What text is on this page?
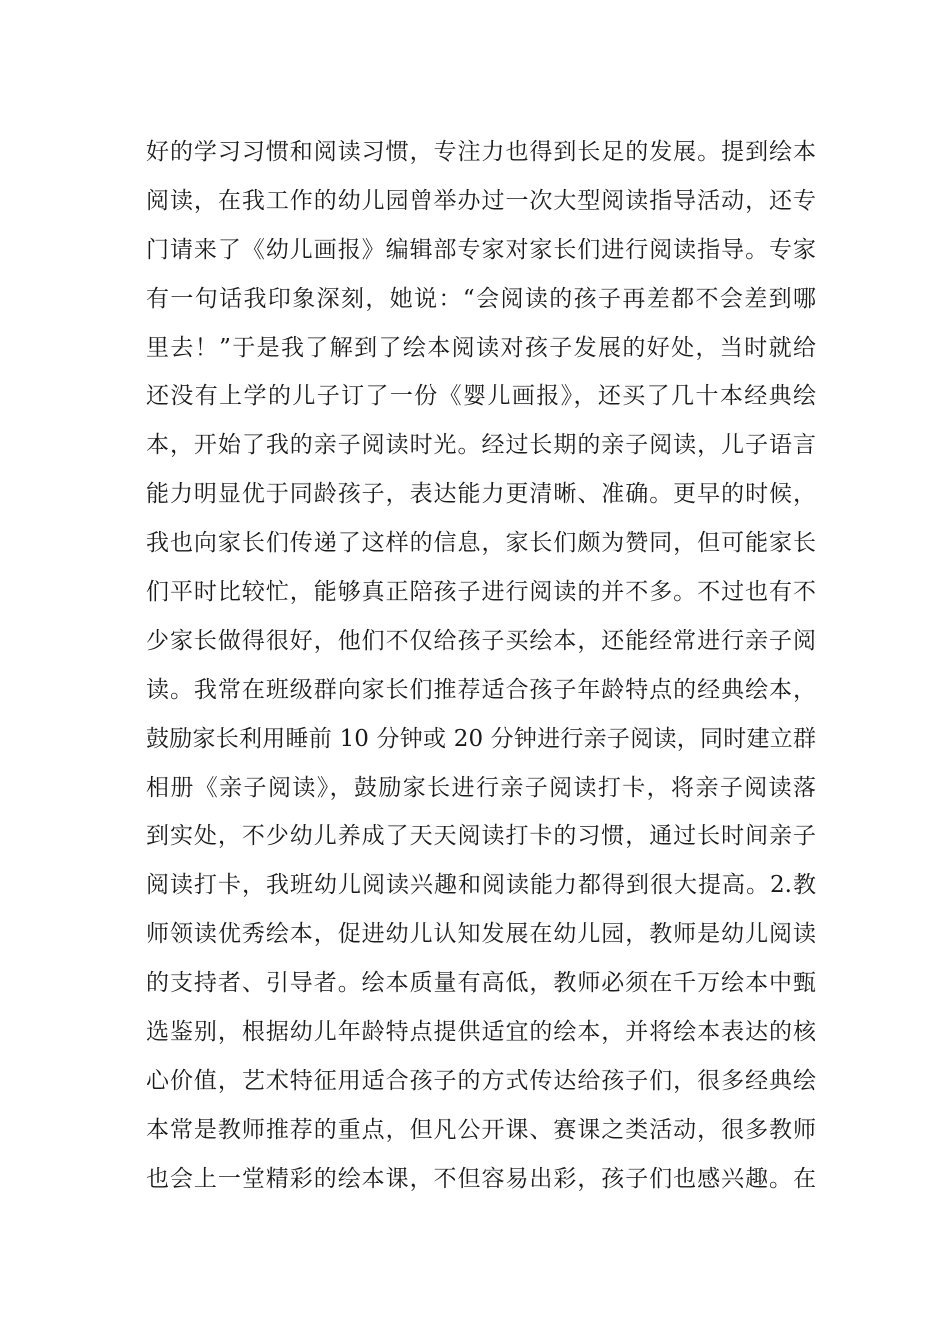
好的学习习惯和阅读习惯，专注力也得到长足的发展。提到绘本
阅读，在我工作的幼儿园曾举办过一次大型阅读指导活动，还专
门请来了《幼儿画报》编辑部专家对家长们进行阅读指导。专家
有一句话我印象深刻，她说：“会阅读的孩子再差都不会差到哪
里去！”于是我了解到了绘本阅读对孩子发展的好处，当时就给
还没有上学的儿子订了一份《婴儿画报》，还买了几十本经典绘
本，开始了我的亲子阅读时光。经过长期的亲子阅读，儿子语言
能力明显优于同龄孩子，表达能力更清晰、准确。更早的时候，
我也向家长们传递了这样的信息，家长们颇为赞同，但可能家长
们平时比较忙，能够真正陪孩子进行阅读的并不多。不过也有不
少家长做得很好，他们不仅给孩子买绘本，还能经常进行亲子阅
读。我常在班级群向家长们推荐适合孩子年龄特点的经典绘本，
鼓励家长利用睡前 10 分钟或 20 分钟进行亲子阅读，同时建立群
相册《亲子阅读》，鼓励家长进行亲子阅读打卡，将亲子阅读落
到实处，不少幼儿养成了天天阅读打卡的习惯，通过长时间亲子
阅读打卡，我班幼儿阅读兴趣和阅读能力都得到很大提高。2.教
师领读优秀绘本，促进幼儿认知发展在幼儿园，教师是幼儿阅读
的支持者、引导者。绘本质量有高低，教师必须在千万绘本中甄
选鉴别，根据幼儿年龄特点提供适宜的绘本，并将绘本表达的核
心价值，艺术特征用适合孩子的方式传达给孩子们，很多经典绘
本常是教师推荐的重点，但凡公开课、赛课之类活动，很多教师
也会上一堂精彩的绘本课，不但容易出彩，孩子们也感兴趣。在
